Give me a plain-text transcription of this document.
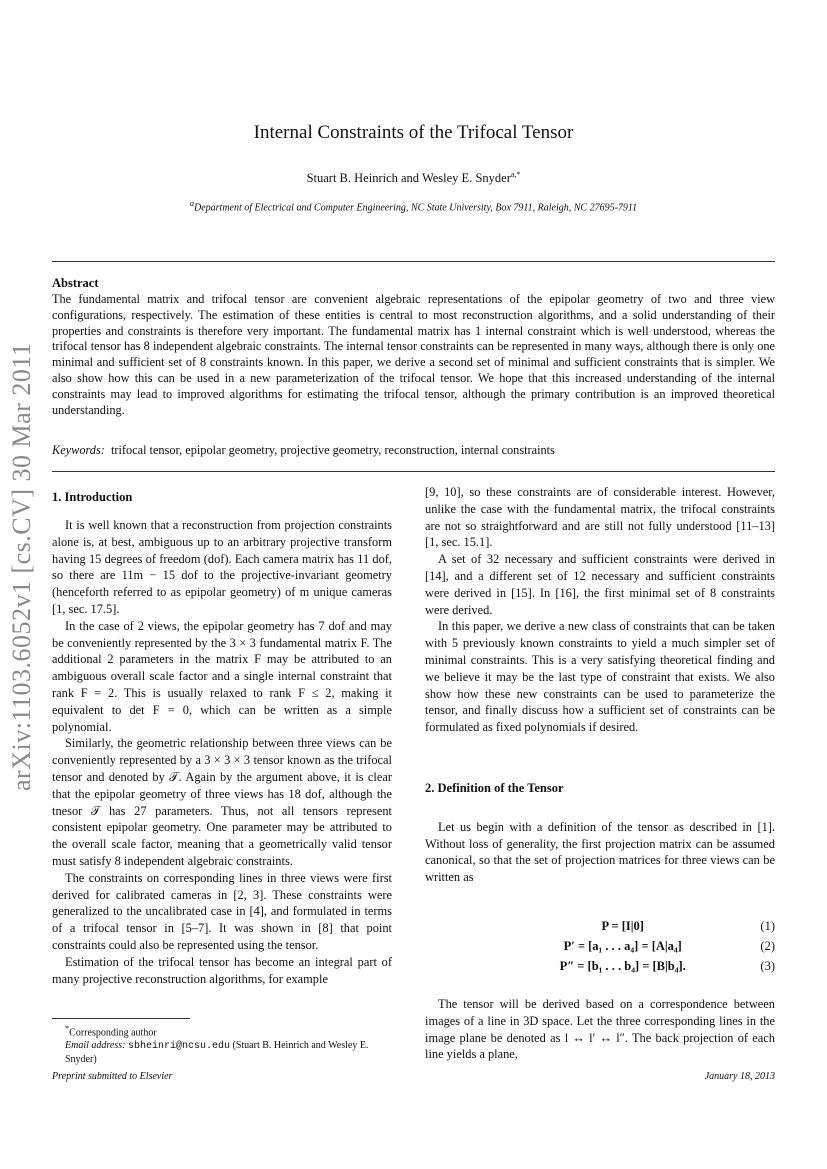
arXiv:1103.6052v1 [cs.CV] 30 Mar 2011
Internal Constraints of the Trifocal Tensor
Stuart B. Heinrich and Wesley E. Snyder$^{a,*}$
$^a$Department of Electrical and Computer Engineering, NC State University, Box 7911, Raleigh, NC 27695-7911
Abstract
The fundamental matrix and trifocal tensor are convenient algebraic representations of the epipolar geometry of two and three view configurations, respectively. The estimation of these entities is central to most reconstruction algorithms, and a solid understanding of their properties and constraints is therefore very important. The fundamental matrix has 1 internal constraint which is well understood, whereas the trifocal tensor has 8 independent algebraic constraints. The internal tensor constraints can be represented in many ways, although there is only one minimal and sufficient set of 8 constraints known. In this paper, we derive a second set of minimal and sufficient constraints that is simpler. We also show how this can be used in a new parameterization of the trifocal tensor. We hope that this increased understanding of the internal constraints may lead to improved algorithms for estimating the trifocal tensor, although the primary contribution is an improved theoretical understanding.
Keywords: trifocal tensor, epipolar geometry, projective geometry, reconstruction, internal constraints
1. Introduction

It is well known that a reconstruction from projection constraints alone is, at best, ambiguous up to an arbitrary projective transform having 15 degrees of freedom (dof). Each camera matrix has 11 dof, so there are 11m − 15 dof to the projective-invariant geometry (henceforth referred to as epipolar geometry) of m unique cameras [1, sec. 17.5].

In the case of 2 views, the epipolar geometry has 7 dof and may be conveniently represented by the 3 × 3 fundamental matrix F. The additional 2 parameters in the matrix F may be attributed to an ambiguous overall scale factor and a single internal constraint that rank F = 2. This is usually relaxed to rank F ≤ 2, making it equivalent to det F = 0, which can be written as a simple polynomial.

Similarly, the geometric relationship between three views can be conveniently represented by a 3 × 3 × 3 tensor known as the trifocal tensor and denoted by 𝒯. Again by the argument above, it is clear that the epipolar geometry of three views has 18 dof, although the tnesor 𝒯 has 27 parameters. Thus, not all tensors represent consistent epipolar geometry. One parameter may be attributed to the overall scale factor, meaning that a geometrically valid tensor must satisfy 8 independent algebraic constraints.

The constraints on corresponding lines in three views were first derived for calibrated cameras in [2, 3]. These constraints were generalized to the uncalibrated case in [4], and formulated in terms of a trifocal tensor in [5–7]. It was shown in [8] that point constraints could also be represented using the tensor.

Estimation of the trifocal tensor has become an integral part of many projective reconstruction algorithms, for example

[9, 10], so these constraints are of considerable interest. However, unlike the case with the fundamental matrix, the trifocal constraints are not so straightforward and are still not fully understood [11–13] [1, sec. 15.1].

A set of 32 necessary and sufficient constraints were derived in [14], and a different set of 12 necessary and sufficient constraints were derived in [15]. In [16], the first minimal set of 8 constraints were derived.

In this paper, we derive a new class of constraints that can be taken with 5 previously known constraints to yield a much simpler set of minimal constraints. This is a very satisfying theoretical finding and we believe it may be the last type of constraint that exists. We also show how these new constraints can be used to parameterize the tensor, and finally discuss how a sufficient set of constraints can be formulated as fixed polynomials if desired.

2. Definition of the Tensor

Let us begin with a definition of the tensor as described in [1]. Without loss of generality, the first projection matrix can be assumed canonical, so that the set of projection matrices for three views can be written as

P = [I|0]	(1)
P′ = [a₁ . . . a₄] = [A|a₄]	(2)
P″ = [b₁ . . . b₄] = [B|b₄].	(3)

The tensor will be derived based on a correspondence between images of a line in 3D space. Let the three corresponding lines in the image plane be denoted as l ↔ l′ ↔ l″. The back projection of each line yields a plane,

*Corresponding author
Email address: sbheinri@ncsu.edu (Stuart B. Heinrich and Wesley E. Snyder)
Preprint submitted to Elsevier	January 18, 2013
